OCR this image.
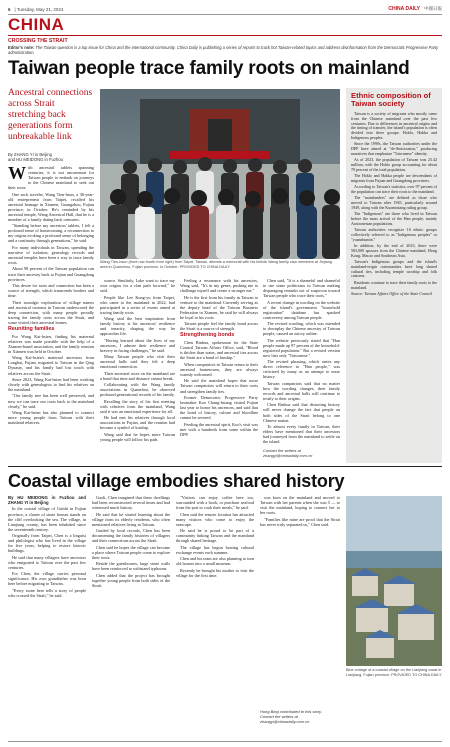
6 | Tuesday, May 21, 2024	CHINA DAILY 中國日報
CHINA
CROSSING THE STRAIT
Editor's note: The Taiwan question is a top issue for China and the international community. China Daily is publishing a series of reports to track hot Taiwan-related topics and address disinformation from the Democratic Progressive Party administration.
Taiwan people trace family roots on mainland
Ancestral connections across Strait stretching back generations form unbreakable link
By ZHANG YI in Beijing
and HU MEIDONG in Fuzhou

With ancestral tablets spanning centuries, it is not uncommon for Taiwan people to embark on journeys to the Chinese mainland to seek out their roots.

One such traveler, Wang Tien-hsun, a 36-year-old entrepreneur from Taipei, recalled his ancestral homage in Xiamen, Guangzhou, Fujian province, in October. He's reminded by his ancestral temple, Wang Ancestral Hall, that he is a member of a family dating back centuries.

"Standing before my ancestors' tablets, I felt a profound sense of homecoming, a reconnection to my origins evoking a profound sense of belonging and a continuity through generations," he said.

For many individuals in Taiwan, upending the narrative of isolation, genealogy records and ancestral temples have been a way to trace family roots.

About 98 percent of the Taiwan population can trace their ancestry back to Fujian and Guangdong provinces.

This desire for roots and connection has been a source of strength, which transcends borders and time.

Their nostalgic exploration of village names and ancestral customs in Taiwan underscored the deep connection, with many people proudly tracing the family roots across the Strait, and some visited their ancestral homes.

Reuniting families

For Wang Kai-hsien, finding his maternal relatives was made possible with the help of a Xiamen-based association, and the family reunion in Xiamen was held in October.

Wang Kai-hsien's maternal ancestors from Longhai, Fujian, migrated to Taiwan in the Qing Dynasty, and his family had lost touch with relatives across the Strait.

Since 2023, Wang Kai-hsien had been working closely with genealogists to find his relatives on the mainland.

"Our family tree has been well preserved, and now we can trace our roots back to the mainland clearly," he said.

Wang Kai-hsien has also planned to connect more young people from Taiwan with their mainland relatives.

Wang Tien-hsun (front row fourth from right) from Taipei, Taiwan, attends a memorial with his kinfolk Wang family clan members at Jinjiang area in Quanzhou, Fujian province, in October. PROVIDED TO CHINA DAILY

source. Similarly, Lake want to trace my own origins for a clan path forward," he said.

People like Lee Kung-yu from Taipei, who came to the mainland in 2022, had participated in a series of events aimed at tracing family roots.

Wang said the best inspiration from family history is his ancestors' resilience and tenacity, shaping the way he approaches life.

"Having learned about the lives of my ancestors, I admire their resilience and bravery in facing challenges," he said.

Many Taiwan people who visit their ancestral halls said they felt a deep emotional connection.

Their ancestral roots on the mainland are a bond that time and distance cannot break.

Collaborating with the Wang family associations in Quanzhou, he observed profound generational records of his family.

Recalling the story of his first meeting with relatives from the mainland, Wang said it was an emotional experience for all.

He had met his relatives through local associations in Fujian, and the reunion had become a symbol of kinship.

Wang said that he hopes more Taiwan young people will follow his path.

Feeling a resonance with his ancestors, Wang said, "It's in my genes, pushing me to challenge myself and create a stronger me."

He is the first from his family in Taiwan to venture to the mainland. Currently serving as the deputy head of the Taiwan Business Federation in Xiamen, he said he will always be loyal to his roots.

Taiwan people feel the family bond across the Strait is a source of strength.

Strengthening bonds

Chen Binhua, spokesman for the State Council Taiwan Affairs Office, said, "Blood is thicker than water, and ancestral ties across the Strait are a bond of kinship."

When compatriots in Taiwan return to their ancestral hometowns, they are always warmly welcomed.

He said the mainland hopes that more Taiwan compatriots will return to their roots and strengthen family ties.

Former Democratic Progressive Party lawmaker Koo Chang-hsiang visited Fujian last year to honor his ancestors, and said that the bond of history, culture and bloodline cannot be severed.

Feeding the ancestral spirit, Koo's visit was met with a hundreds from some within the DPP.

Chen said, "It is a shameful and shameful to use some politicians in Taiwan making disparaging remarks out of suspicion toward Taiwan people who trace their roots."

A recent change in wording on the website of the island's government "household registration" database has sparked controversy among Taiwan people.

The revised wording, which was intended to downplay the Chinese ancestry of Taiwan people, caused an outcry online.

The website previously stated that "Han people made up 97 percent of the household-registered population." But a revised version now lists only "Taiwanese."

The revised phrasing, which omits any direct reference to "Han people," was criticized by many as an attempt to erase history.

Taiwan compatriots said that no matter how the wording changes, their family records and ancestral halls will continue to testify to their origins.

Chen Binhua said that distorting history will never change the fact that people on both sides of the Strait belong to one Chinese nation.

To almost every family in Taiwan, their elders have mentioned that their ancestors had journeyed from the mainland to settle on the island.

Contact the writers at
zhangyi@chinadaily.com.cn
Ethnic composition of Taiwan society

Taiwan is a society of migrants who mostly came from the Chinese mainland over the past few centuries. Due to differences in ancestral origins and the timing of transfer, the island's population is often divided into three groups: Hoklo, Hakka and Indigenous peoples.

Since the 1990s, the Taiwan authorities under the DPP have aimed at "de-Sinicization," producing narratives that emphasize "Taiwanese" identity.

As of 2023, the population of Taiwan was 23.42 million, with the Hoklo group accounting for about 70 percent of the total population.

The Hoklo and Hakka people are descendants of migrants from Fujian and Guangdong provinces.

According to Taiwan's statistics, over 97 percent of the population can trace their roots to the mainland.

The "mainlanders" are defined as those who moved to Taiwan after 1945, particularly around 1949, along with the Kuomintang ruling group.

The "Indigenous" are those who lived in Taiwan before the mass arrival of the Han people, mainly Austronesian populations.

Taiwan authorities recognize 16 ethnic groups collectively referred to as "Indigenous peoples" or "yuanzhumin."

In addition, by the end of 2023, there were 583,000 spouses from the Chinese mainland, Hong Kong, Macao and Southeast Asia.

Taiwan's Indigenous groups and the island's mainland-origin communities have long shared cultural ties, including temple worship and folk customs.

Residents continue to trace their family roots to the mainland.

Source: Taiwan Affairs Office of the State Council

Coastal village embodies shared history

By HU MEIDONG in Fuzhou and ZHANG YI in Beijing

In the coastal village of Guishi in Fujian province, a cluster of stone houses stands on the cliff overlooking the sea. The village, in Lianjiang county, has been inhabited since the seventeenth century.

Originally from Taipei, Chen is a linguist and philologist who has lived in the village for five years, helping to restore historic buildings.

He said that many villagers have ancestors who emigrated to Taiwan over the past few centuries.

For Chen, the village carries personal significance. His own grandfather was born here before migrating to Taiwan.

"Every stone here tells a story of people who crossed the Strait," he said.

Gaoli, Chen imagined that these dwellings had been reconstructed several times and had witnessed much history.

He said that he started learning about the village from its elderly residents, who often mentioned relatives living in Taiwan.

Guided by local records, Chen has been documenting the family histories of villagers and their connections across the Strait.

Chen said he hopes the village can become a place where Taiwan people come to explore their roots.

Beside the guesthouses, large stone walls have been reinforced to withstand typhoons.

Chen added that the project has brought together young people from both sides of the Strait.

"Visitors can enjoy coffee here too, surrounded with a book, or purchase seafood from the port to cook their meals," he said.

Chen said the remote location has attracted many visitors who come to enjoy the seascape.

He said he is proud to be part of a community linking Taiwan and the mainland through shared heritage.

The village has begun hosting cultural exchange events each summer.

Chen and his team are also planning to turn old houses into a small museum.

Recently he brought his mother to visit the village for the first time.

was born on the mainland and moved to Taiwan with her parents when she was 5 — to visit the mainland, hoping to connect her to her roots.

"Families like mine are proof that the Strait has never truly separated us," Chen said.

Hong Bing contributed to this story.
Contact the writers at
zhangyi@chinadaily.com.cn
Blue cottage of a coastal village on the Lianjiang coast in Lianjiang, Fujian province. PROVIDED TO CHINA DAILY
